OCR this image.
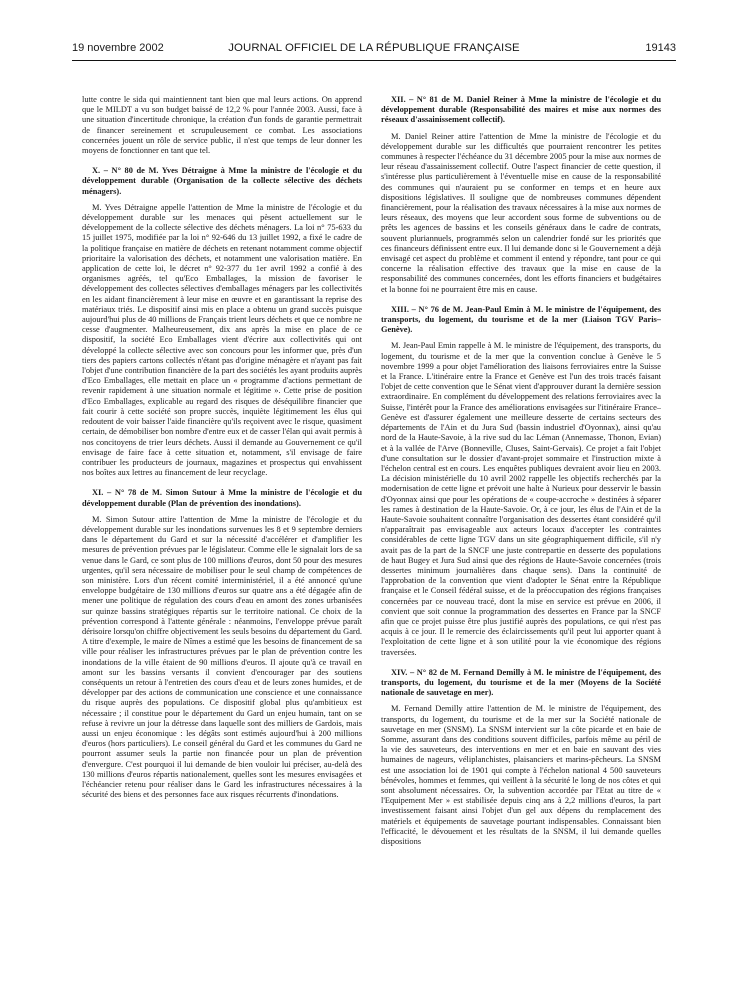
19 novembre 2002	JOURNAL OFFICIEL DE LA RÉPUBLIQUE FRANÇAISE	19143

lutte contre le sida qui maintiennent tant bien que mal leurs actions. On apprend que le MILDT a vu son budget baissé de 12,2 % pour l'année 2003. Aussi, face à une situation d'incertitude chronique, la création d'un fonds de garantie permettrait de financer sereinement et scrupuleusement ce combat. Les associations concernées jouent un rôle de service public, il n'est que temps de leur donner les moyens de fonctionner en tant que tel.

X. – N° 80 de M. Yves Détraigne à Mme la ministre de l'écologie et du développement durable (Organisation de la collecte sélective des déchets ménagers).

M. Yves Détraigne appelle l'attention de Mme la ministre de l'écologie et du développement durable sur les menaces qui pèsent actuellement sur le développement de la collecte sélective des déchets ménagers. La loi n° 75-633 du 15 juillet 1975, modifiée par la loi n° 92-646 du 13 juillet 1992, a fixé le cadre de la politique française en matière de déchets en retenant notamment comme objectif prioritaire la valorisation des déchets, et notamment une valorisation matière. En application de cette loi, le décret n° 92-377 du 1er avril 1992 a confié à des organismes agréés, tel qu'Eco Emballages, la mission de favoriser le développement des collectes sélectives d'emballages ménagers par les collectivités en les aidant financièrement à leur mise en œuvre et en garantissant la reprise des matériaux triés. Le dispositif ainsi mis en place a obtenu un grand succès puisque aujourd'hui plus de 40 millions de Français trient leurs déchets et que ce nombre ne cesse d'augmenter. Malheureusement, dix ans après la mise en place de ce dispositif, la société Eco Emballages vient d'écrire aux collectivités qui ont développé la collecte sélective avec son concours pour les informer que, près d'un tiers des papiers cartons collectés n'étant pas d'origine ménagère et n'ayant pas fait l'objet d'une contribution financière de la part des sociétés les ayant produits auprès d'Eco Emballages, elle mettait en place un « programme d'actions permettant de revenir rapidement à une situation normale et légitime ». Cette prise de position d'Eco Emballages, explicable au regard des risques de déséquilibre financier que fait courir à cette société son propre succès, inquiète légitimement les élus qui redoutent de voir baisser l'aide financière qu'ils reçoivent avec le risque, quasiment certain, de démobiliser bon nombre d'entre eux et de casser l'élan qui avait permis à nos concitoyens de trier leurs déchets. Aussi il demande au Gouvernement ce qu'il envisage de faire face à cette situation et, notamment, s'il envisage de faire contribuer les producteurs de journaux, magazines et prospectus qui envahissent nos boîtes aux lettres au financement de leur recyclage.

XI. – N° 78 de M. Simon Sutour à Mme la ministre de l'écologie et du développement durable (Plan de prévention des inondations).

M. Simon Sutour attire l'attention de Mme la ministre de l'écologie et du développement durable sur les inondations survenues les 8 et 9 septembre derniers dans le département du Gard et sur la nécessité d'accélérer et d'amplifier les mesures de prévention prévues par le législateur. Comme elle le signalait lors de sa venue dans le Gard, ce sont plus de 100 millions d'euros, dont 50 pour des mesures urgentes, qu'il sera nécessaire de mobiliser pour le seul champ de compétences de son ministère. Lors d'un récent comité interministériel, il a été annoncé qu'une enveloppe budgétaire de 130 millions d'euros sur quatre ans a été dégagée afin de mener une politique de régulation des cours d'eau en amont des zones urbanisées sur quinze bassins stratégiques répartis sur le territoire national. Ce choix de la prévention correspond à l'attente générale : néanmoins, l'enveloppe prévue paraît dérisoire lorsqu'on chiffre objectivement les seuls besoins du département du Gard. A titre d'exemple, le maire de Nîmes a estimé que les besoins de financement de sa ville pour réaliser les infrastructures prévues par le plan de prévention contre les inondations de la ville étaient de 90 millions d'euros. Il ajoute qu'à ce travail en amont sur les bassins versants il convient d'encourager par des soutiens conséquents un retour à l'entretien des cours d'eau et de leurs zones humides, et de développer par des actions de communication une conscience et une connaissance du risque auprès des populations. Ce dispositif global plus qu'ambitieux est nécessaire ; il constitue pour le département du Gard un enjeu humain, tant on se refuse à revivre un jour la détresse dans laquelle sont des milliers de Gardois, mais aussi un enjeu économique : les dégâts sont estimés aujourd'hui à 200 millions d'euros (hors particuliers). Le conseil général du Gard et les communes du Gard ne pourront assumer seuls la partie non financée pour un plan de prévention d'envergure. C'est pourquoi il lui demande de bien vouloir lui préciser, au-delà des 130 millions d'euros répartis nationalement, quelles sont les mesures envisagées et l'échéancier retenu pour réaliser dans le Gard les infrastructures nécessaires à la sécurité des biens et des personnes face aux risques récurrents d'inondations.

XII. – N° 81 de M. Daniel Reiner à Mme la ministre de l'écologie et du développement durable (Responsabilité des maires et mise aux normes des réseaux d'assainissement collectif).

M. Daniel Reiner attire l'attention de Mme la ministre de l'écologie et du développement durable sur les difficultés que pourraient rencontrer les petites communes à respecter l'échéance du 31 décembre 2005 pour la mise aux normes de leur réseau d'assainissement collectif. Outre l'aspect financier de cette question, il s'intéresse plus particulièrement à l'éventuelle mise en cause de la responsabilité des communes qui n'auraient pu se conformer en temps et en heure aux dispositions législatives. Il souligne que de nombreuses communes dépendent financièrement, pour la réalisation des travaux nécessaires à la mise aux normes de leurs réseaux, des moyens que leur accordent sous forme de subventions ou de prêts les agences de bassins et les conseils généraux dans le cadre de contrats, souvent pluriannuels, programmés selon un calendrier fondé sur les priorités que ces financeurs définissent entre eux. Il lui demande donc si le Gouvernement a déjà envisagé cet aspect du problème et comment il entend y répondre, tant pour ce qui concerne la réalisation effective des travaux que la mise en cause de la responsabilité des communes concernées, dont les efforts financiers et budgétaires et la bonne foi ne pourraient être mis en cause.

XIII. – N° 76 de M. Jean-Paul Emin à M. le ministre de l'équipement, des transports, du logement, du tourisme et de la mer (Liaison TGV Paris–Genève).

M. Jean-Paul Emin rappelle à M. le ministre de l'équipement, des transports, du logement, du tourisme et de la mer que la convention conclue à Genève le 5 novembre 1999 a pour objet l'amélioration des liaisons ferroviaires entre la Suisse et la France. L'itinéraire entre la France et Genève est l'un des trois tracés faisant l'objet de cette convention que le Sénat vient d'approuver durant la dernière session extraordinaire. En complément du développement des relations ferroviaires avec la Suisse, l'intérêt pour la France des améliorations envisagées sur l'itinéraire France–Genève est d'assurer également une meilleure desserte de certains secteurs des départements de l'Ain et du Jura Sud (bassin industriel d'Oyonnax), ainsi qu'au nord de la Haute-Savoie, à la rive sud du lac Léman (Annemasse, Thonon, Evian) et à la vallée de l'Arve (Bonneville, Cluses, Saint-Gervais). Ce projet a fait l'objet d'une consultation sur le dossier d'avant-projet sommaire et l'instruction mixte à l'échelon central est en cours. Les enquêtes publiques devraient avoir lieu en 2003. La décision ministérielle du 10 avril 2002 rappelle les objectifs recherchés par la modernisation de cette ligne et prévoit une halte à Nurieux pour desservir le bassin d'Oyonnax ainsi que pour les opérations de « coupe-accroche » destinées à séparer les rames à destination de la Haute-Savoie. Or, à ce jour, les élus de l'Ain et de la Haute-Savoie souhaitent connaître l'organisation des dessertes étant considéré qu'il n'apparaîtrait pas envisageable aux acteurs locaux d'accepter les contraintes considérables de cette ligne TGV dans un site géographiquement difficile, s'il n'y avait pas de la part de la SNCF une juste contrepartie en desserte des populations de haut Bugey et Jura Sud ainsi que des régions de Haute-Savoie concernées (trois dessertes minimum journalières dans chaque sens). Dans la continuité de l'approbation de la convention que vient d'adopter le Sénat entre la République française et le Conseil fédéral suisse, et de la préoccupation des régions françaises concernées par ce nouveau tracé, dont la mise en service est prévue en 2006, il convient que soit connue la programmation des dessertes en France par la SNCF afin que ce projet puisse être plus justifié auprès des populations, ce qui n'est pas acquis à ce jour. Il le remercie des éclaircissements qu'il peut lui apporter quant à l'exploitation de cette ligne et à son utilité pour la vie économique des régions traversées.

XIV. – N° 82 de M. Fernand Demilly à M. le ministre de l'équipement, des transports, du logement, du tourisme et de la mer (Moyens de la Société nationale de sauvetage en mer).

M. Fernand Demilly attire l'attention de M. le ministre de l'équipement, des transports, du logement, du tourisme et de la mer sur la Société nationale de sauvetage en mer (SNSM). La SNSM intervient sur la côte picarde et en baie de Somme, assurant dans des conditions souvent difficiles, parfois même au péril de la vie des sauveteurs, des interventions en mer et en baie en sauvant des vies humaines de nageurs, véliplanchistes, plaisanciers et marins-pêcheurs. La SNSM est une association loi de 1901 qui compte à l'échelon national 4 500 sauveteurs bénévoles, hommes et femmes, qui veillent à la sécurité le long de nos côtes et qui sont absolument nécessaires. Or, la subvention accordée par l'Etat au titre de « l'Equipement Mer » est stabilisée depuis cinq ans à 2,2 millions d'euros, la part investissement faisant ainsi l'objet d'un gel aux dépens du remplacement des matériels et équipements de sauvetage pourtant indispensables. Connaissant bien l'efficacité, le dévouement et les résultats de la SNSM, il lui demande quelles dispositions
